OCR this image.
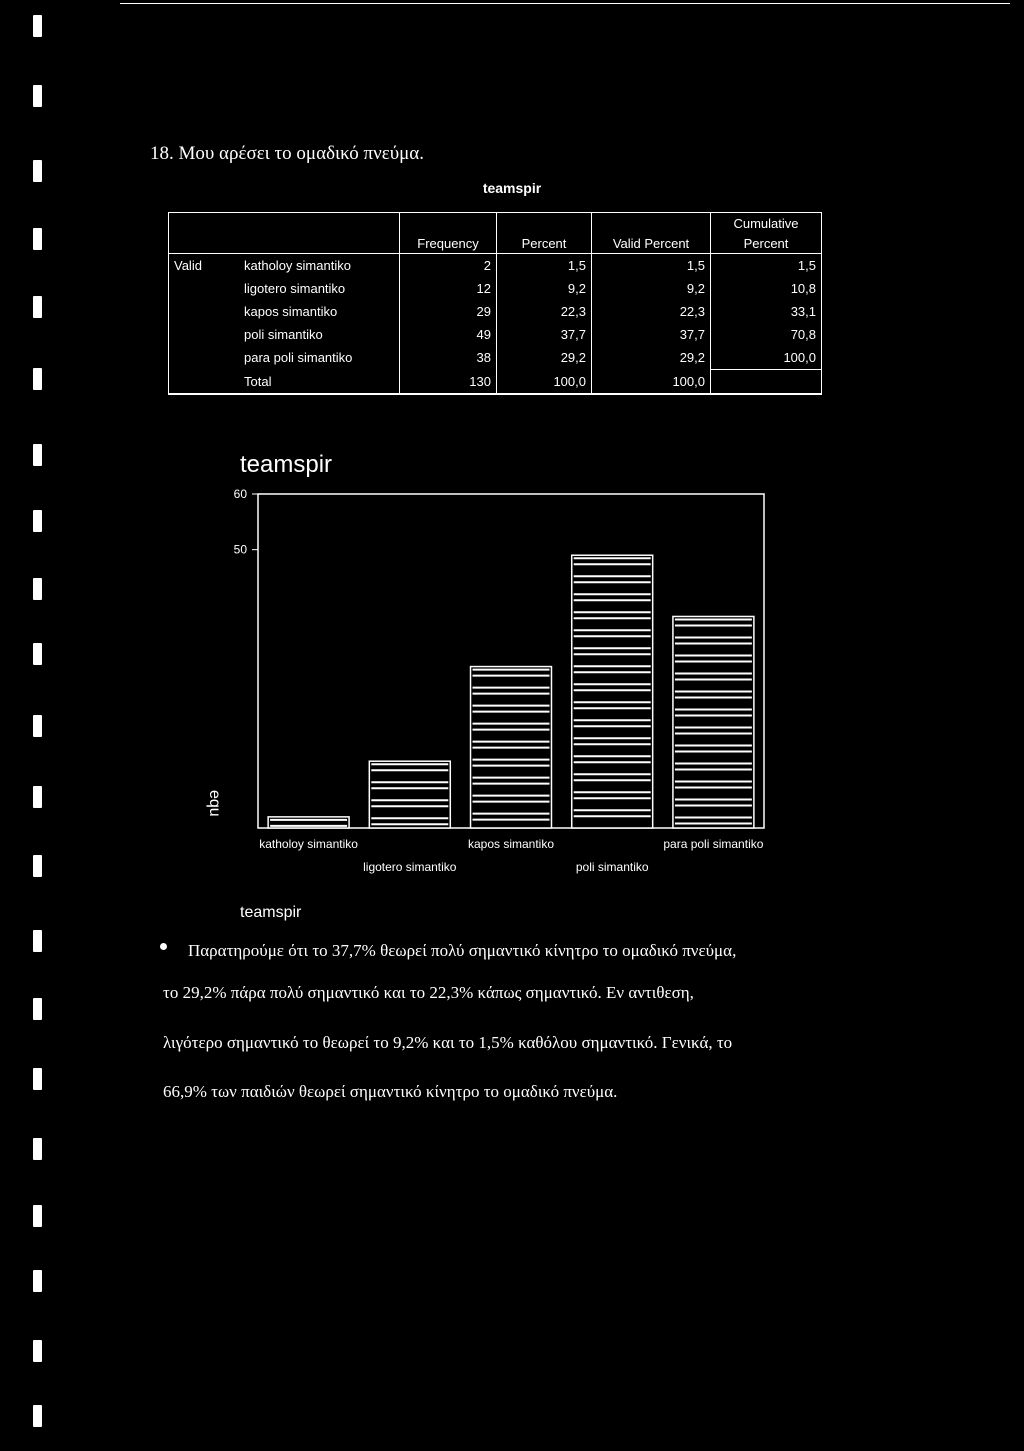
18. Μου αρέσει το ομαδικό πνεύμα.
teamspir
					Cumulative
		Frequency	Percent	Valid Percent	Percent
Valid	katholoy simantiko	2	1,5	1,5	1,5
	ligotero simantiko	12	9,2	9,2	10,8
	kapos simantiko	29	22,3	22,3	33,1
	poli simantiko	49	37,7	37,7	70,8
	para poli simantiko	38	29,2	29,2	100,0
	Total	130	100,0	100,0	
teamspir
60
50
equ
katholoy simantiko
ligotero simantiko
kapos simantiko
poli simantiko
para poli simantiko
teamspir
Παρατηρούμε ότι το 37,7% θεωρεί πολύ σημαντικό κίνητρο το ομαδικό πνεύμα,
το 29,2% πάρα πολύ σημαντικό και το 22,3% κάπως σημαντικό. Εν αντιθεση,
λιγότερο σημαντικό το θεωρεί το 9,2% και το 1,5% καθόλου σημαντικό. Γενικά, το
66,9% των παιδιών θεωρεί σημαντικό κίνητρο το ομαδικό πνεύμα.
